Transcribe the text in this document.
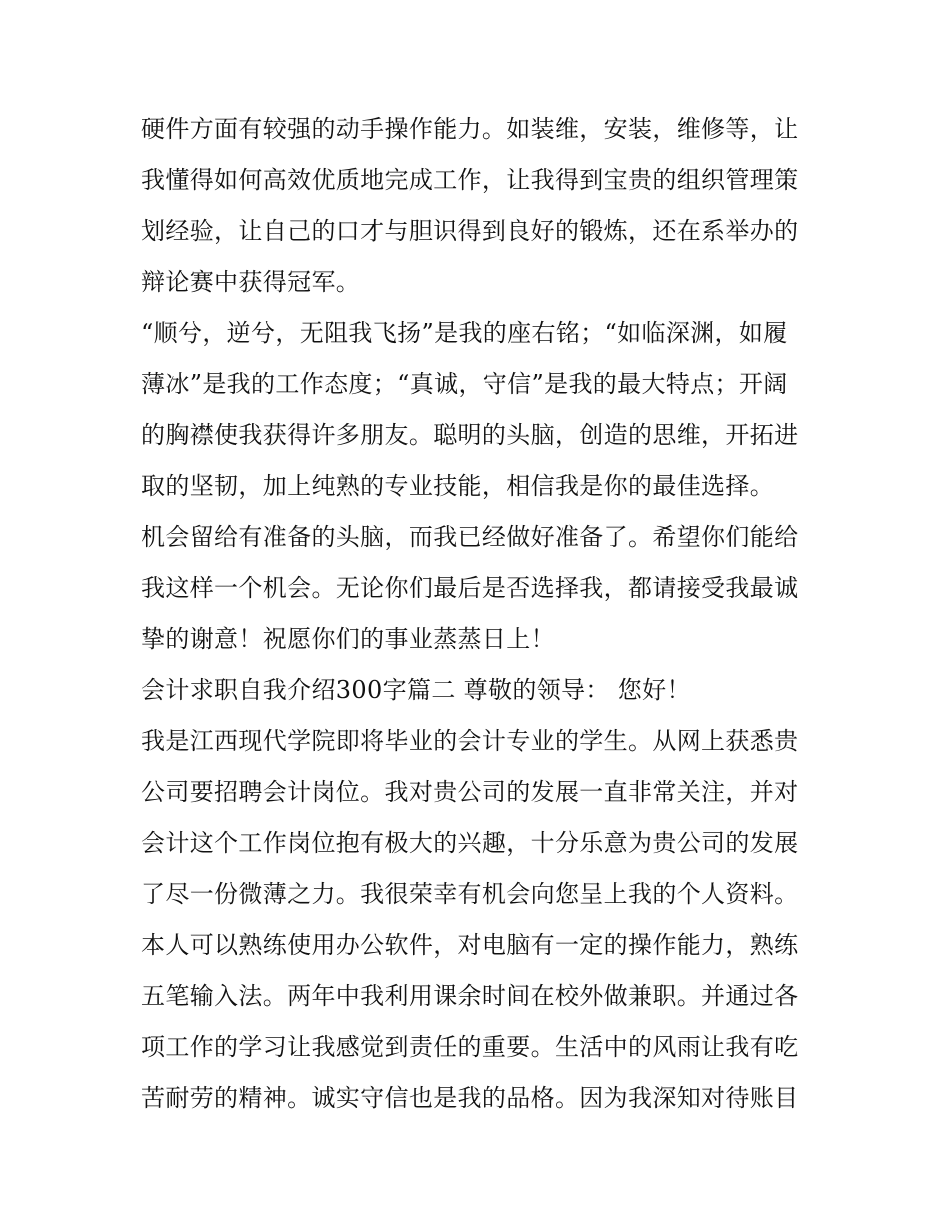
硬件方面有较强的动手操作能力。如装维，安装，维修等，让
我懂得如何高效优质地完成工作，让我得到宝贵的组织管理策
划经验，让自己的口才与胆识得到良好的锻炼，还在系举办的
辩论赛中获得冠军。
“顺兮，逆兮，无阻我飞扬”是我的座右铭；“如临深渊，如履
薄冰”是我的工作态度；“真诚，守信”是我的最大特点；开阔
的胸襟使我获得许多朋友。聪明的头脑，创造的思维，开拓进
取的坚韧，加上纯熟的专业技能，相信我是你的最佳选择。
机会留给有准备的头脑，而我已经做好准备了。希望你们能给
我这样一个机会。无论你们最后是否选择我，都请接受我最诚
挚的谢意！祝愿你们的事业蒸蒸日上！
会计求职自我介绍300字篇二 尊敬的领导： 您好！
我是江西现代学院即将毕业的会计专业的学生。从网上获悉贵
公司要招聘会计岗位。我对贵公司的发展一直非常关注，并对
会计这个工作岗位抱有极大的兴趣，十分乐意为贵公司的发展
了尽一份微薄之力。我很荣幸有机会向您呈上我的个人资料。
本人可以熟练使用办公软件，对电脑有一定的操作能力，熟练
五笔输入法。两年中我利用课余时间在校外做兼职。并通过各
项工作的学习让我感觉到责任的重要。生活中的风雨让我有吃
苦耐劳的精神。诚实守信也是我的品格。因为我深知对待账目
